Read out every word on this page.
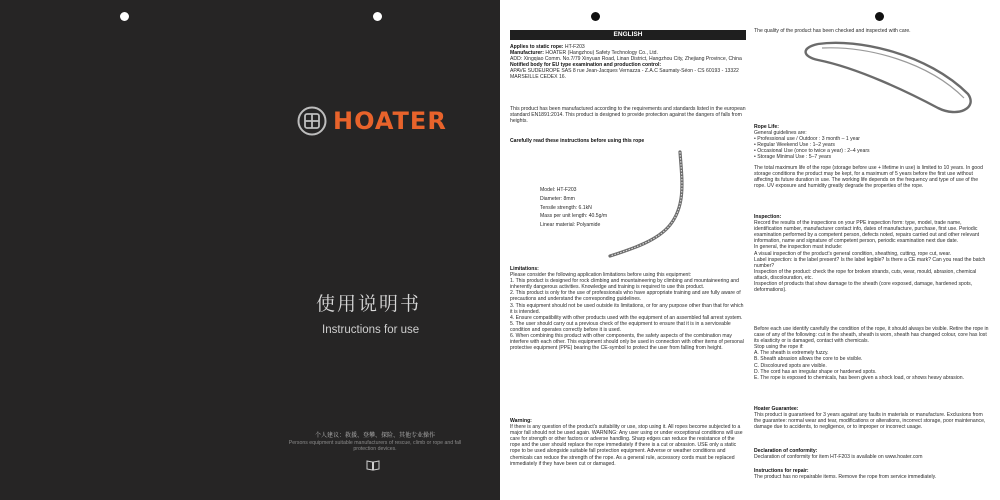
HOATER
使用说明书
Instructions for use
个人建议：救援、登攀、探险、其他专业操作
Persons equipment suitable manufacturers of rescue, climb or rope and fall protection devices.
ENGLISH

Applies to static rope: HT-F203

Manufacturer: HOATER (Hangzhou) Safety Technology Co., Ltd.

ADD: Xingqiao Comm. No.7/79 Xinyuan Road, Linan District, Hangzhou City, Zhejiang Province, China

Notified body for EU type examination and production control:

APAVE SUDEUROPE SAS 8 rue Jean-Jacques Vernazza - Z.A.C Saumaty-Séon - CS 60193 - 13322 MARSEILLE CEDEX 16.

This product has been manufactured according to the requirements and standards listed in the european standard EN1891:2014. This product is designed to provide protection against the dangers of falls from heights.
Carefully read these instructions before using this rope
Model: HT-F203
Diameter: 8mm
Tensile strength: 6.1kN
Mass per unit length: 40.5g/m
Linear material: Polyamide

Limitations:

Please consider the following application limitations before using this equipment:

1. This product is designed for rock climbing and mountaineering by climbing and mountaineering and inherently dangerous activities. Knowledge and training is required to use this product.

2. This product is only for the use of professionals who have appropriate training and are fully aware of precautions and understand the corresponding guidelines.

3. This equipment should not be used outside its limitations, or for any purpose other than that for which it is intended.

4. Ensure compatibility with other products used with the equipment of an assembled fall arrest system.

5. The user should carry out a previous check of the equipment to ensure that it is in a serviceable condition and operates correctly before it is used.

6. When combining this product with other components, the safety aspects of the combination may interfere with each other. This equipment should only be used in connection with other items of personal protective equipment (PPE) bearing the CE-symbol to protect the user from falling from height.

Warning:

If there is any question of the product's suitability or use, stop using it. All ropes become subjected to a major fall should not be used again. WARNING: Any user using or under exceptional conditions will use care for strength or other factors or adverse handling. Sharp edges can reduce the resistance of the rope and the user should replace the rope immediately if there is a cut or abrasion. USE only a static rope to be used alongside suitable fall protection equipment. Adverse or weather conditions and chemicals can reduce the strength of the rope. As a general rule, accessory cords must be replaced immediately if they have been cut or damaged.

The quality of the product has been checked and inspected with care.

Rope Life:

General guidelines are:

• Professional use / Outdoor : 3 month – 1 year

• Regular Weekend Use : 1–2 years

• Occasional Use (once to twice a year) : 2–4 years

• Storage Minimal Use : 5–7 years

The total maximum life of the rope (storage before use + lifetime in use) is limited to 10 years. In good storage conditions the product may be kept, for a maximum of 5 years before the first use without affecting its future duration in use. The working life depends on the frequency and type of use of the rope. UV exposure and humidity greatly degrade the properties of the rope.

Inspection:

Record the results of the inspections on your PPE inspection form: type, model, trade name, identification number, manufacturer contact info, dates of manufacture, purchase, first use. Periodic examination performed by a competent person, defects noted, repairs carried out and other relevant information, name and signature of competent person, periodic examination next due date.

In general, the inspection must include:

A visual inspection of the product's general condition, sheathing, cutting, rope cut, wear.

Label inspection: is the label present? Is the label legible? Is there a CE mark? Can you read the batch number?

Inspection of the product: check the rope for broken strands, cuts, wear, mould, abrasion, chemical attack, discolouration, etc.

Inspection of products that show damage to the sheath (core exposed, damage, hardened spots, deformations).

Before each use identify carefully the condition of the rope, it should always be visible. Retire the rope in case of any of the following: cut in the sheath, sheath is worn, sheath has changed colour, core has lost its elasticity or is damaged, contact with chemicals.

Stop using the rope if:

A. The sheath is extremely fuzzy.

B. Sheath abrasion allows the core to be visible.

C. Discoloured spots are visible.

D. The cord has an irregular shape or hardened spots.

E. The rope is exposed to chemicals, has been given a shock load, or shows heavy abrasion.

Hoater Guarantee:

This product is guaranteed for 3 years against any faults in materials or manufacture. Exclusions from the guarantee: normal wear and tear, modifications or alterations, incorrect storage, poor maintenance, damage due to accidents, to negligence, or to improper or incorrect usage.

Declaration of conformity:

Declaration of conformity for item HT-F203 is available on www.hoater.com

Instructions for repair:

The product has no repairable items. Remove the rope from service immediately.
